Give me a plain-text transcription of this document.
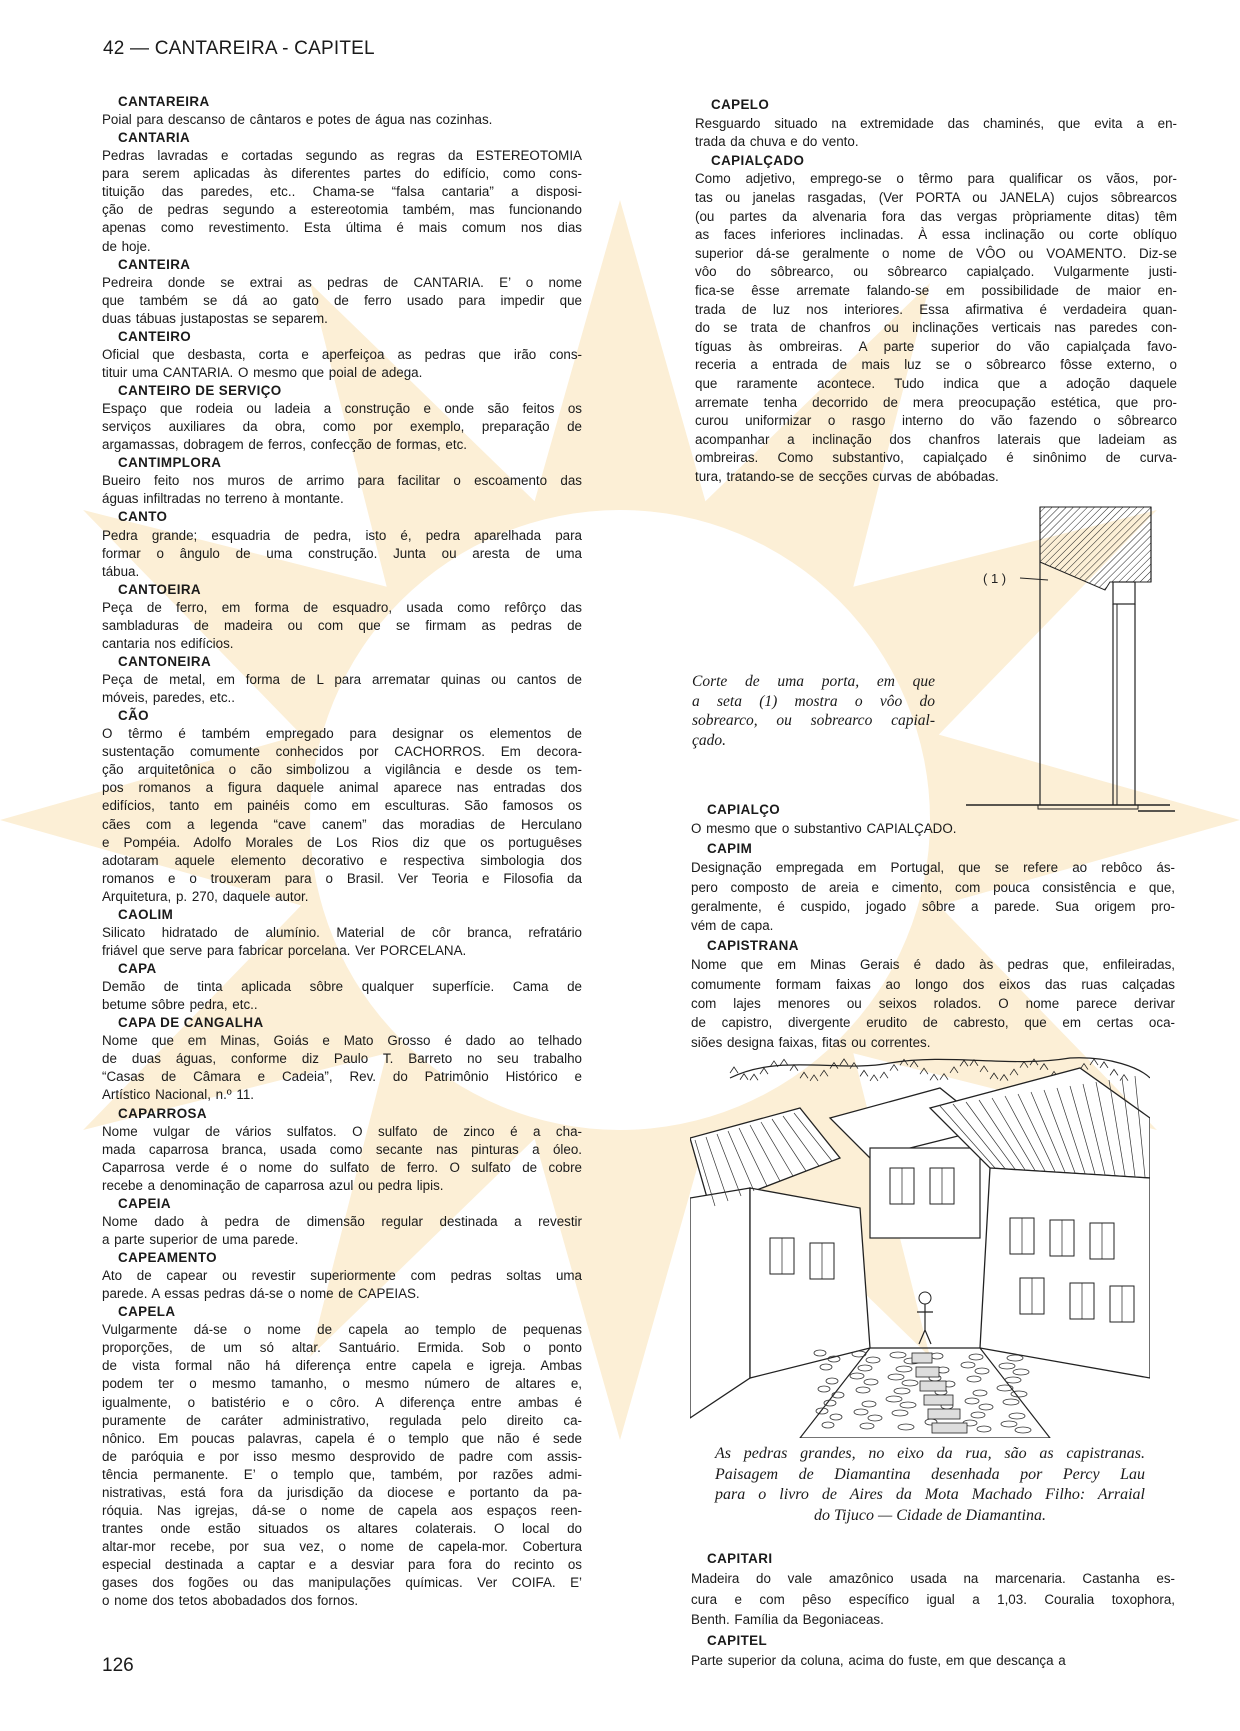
42 — CANTAREIRA - CAPITEL
CANTAREIRA
Poial para descanso de cântaros e potes de água nas cozinhas.
CANTARIA
Pedras lavradas e cortadas segundo as regras da ESTEREOTOMIA
para serem aplicadas às diferentes partes do edifício, como cons-
tituição das paredes, etc.. Chama-se “falsa cantaria” a disposi-
ção de pedras segundo a estereotomia também, mas funcionando
apenas como revestimento. Esta última é mais comum nos dias
de hoje.
CANTEIRA
Pedreira donde se extrai as pedras de CANTARIA. E’ o nome
que também se dá ao gato de ferro usado para impedir que
duas tábuas justapostas se separem.
CANTEIRO
Oficial que desbasta, corta e aperfeiçoa as pedras que irão cons-
tituir uma CANTARIA. O mesmo que poial de adega.
CANTEIRO DE SERVIÇO
Espaço que rodeia ou ladeia a construção e onde são feitos os
serviços auxiliares da obra, como por exemplo, preparação de
argamassas, dobragem de ferros, confecção de formas, etc.
CANTIMPLORA
Bueiro feito nos muros de arrimo para facilitar o escoamento das
águas infiltradas no terreno à montante.
CANTO
Pedra grande; esquadria de pedra, isto é, pedra aparelhada para
formar o ângulo de uma construção. Junta ou aresta de uma
tábua.
CANTOEIRA
Peça de ferro, em forma de esquadro, usada como refôrço das
sambladuras de madeira ou com que se firmam as pedras de
cantaria nos edifícios.
CANTONEIRA
Peça de metal, em forma de L para arrematar quinas ou cantos de
móveis, paredes, etc..
CÃO
O têrmo é também empregado para designar os elementos de
sustentação comumente conhecidos por CACHORROS. Em decora-
ção arquitetônica o cão simbolizou a vigilância e desde os tem-
pos romanos a figura daquele animal aparece nas entradas dos
edifícios, tanto em painéis como em esculturas. São famosos os
cães com a legenda “cave canem” das moradias de Herculano
e Pompéia. Adolfo Morales de Los Rios diz que os portuguêses
adotaram aquele elemento decorativo e respectiva simbologia dos
romanos e o trouxeram para o Brasil. Ver Teoria e Filosofia da
Arquitetura, p. 270, daquele autor.
CAOLIM
Silicato hidratado de alumínio. Material de côr branca, refratário
friável que serve para fabricar porcelana. Ver PORCELANA.
CAPA
Demão de tinta aplicada sôbre qualquer superfície. Cama de
betume sôbre pedra, etc..
CAPA DE CANGALHA
Nome que em Minas, Goiás e Mato Grosso é dado ao telhado
de duas águas, conforme diz Paulo T. Barreto no seu trabalho
“Casas de Câmara e Cadeia”, Rev. do Patrimônio Histórico e
Artístico Nacional, n.º 11.
CAPARROSA
Nome vulgar de vários sulfatos. O sulfato de zinco é a cha-
mada caparrosa branca, usada como secante nas pinturas a óleo.
Caparrosa verde é o nome do sulfato de ferro. O sulfato de cobre
recebe a denominação de caparrosa azul ou pedra lipis.
CAPEIA
Nome dado à pedra de dimensão regular destinada a revestir
a parte superior de uma parede.
CAPEAMENTO
Ato de capear ou revestir superiormente com pedras soltas uma
parede. A essas pedras dá-se o nome de CAPEIAS.
CAPELA
Vulgarmente dá-se o nome de capela ao templo de pequenas
proporções, de um só altar. Santuário. Ermida. Sob o ponto
de vista formal não há diferença entre capela e igreja. Ambas
podem ter o mesmo tamanho, o mesmo número de altares e,
igualmente, o batistério e o côro. A diferença entre ambas é
puramente de caráter administrativo, regulada pelo direito ca-
nônico. Em poucas palavras, capela é o templo que não é sede
de paróquia e por isso mesmo desprovido de padre com assis-
tência permanente. E’ o templo que, também, por razões admi-
nistrativas, está fora da jurisdição da diocese e portanto da pa-
róquia. Nas igrejas, dá-se o nome de capela aos espaços reen-
trantes onde estão situados os altares colaterais. O local do
altar-mor recebe, por sua vez, o nome de capela-mor. Cobertura
especial destinada a captar e a desviar para fora do recinto os
gases dos fogões ou das manipulações químicas. Ver COIFA. E’
o nome dos tetos abobadados dos fornos.
CAPELO
Resguardo situado na extremidade das chaminés, que evita a en-
trada da chuva e do vento.
CAPIALÇADO
Como adjetivo, emprego-se o têrmo para qualificar os vãos, por-
tas ou janelas rasgadas, (Ver PORTA ou JANELA) cujos sôbrearcos
(ou partes da alvenaria fora das vergas pròpriamente ditas) têm
as faces inferiores inclinadas. À essa inclinação ou corte oblíquo
superior dá-se geralmente o nome de VÔO ou VOAMENTO. Diz-se
vôo do sôbrearco, ou sôbrearco capialçado. Vulgarmente justi-
fica-se êsse arremate falando-se em possibilidade de maior en-
trada de luz nos interiores. Essa afirmativa é verdadeira quan-
do se trata de chanfros ou inclinações verticais nas paredes con-
tíguas às ombreiras. A parte superior do vão capialçada favo-
receria a entrada de mais luz se o sôbrearco fôsse externo, o
que raramente acontece. Tudo indica que a adoção daquele
arremate tenha decorrido de mera preocupação estética, que pro-
curou uniformizar o rasgo interno do vão fazendo o sôbrearco
acompanhar a inclinação dos chanfros laterais que ladeiam as
ombreiras. Como substantivo, capialçado é sinônimo de curva-
tura, tratando-se de secções curvas de abóbadas.
CAPIALÇO
O mesmo que o substantivo CAPIALÇADO.
CAPIM
Designação empregada em Portugal, que se refere ao rebôco ás-
pero composto de areia e cimento, com pouca consistência e que,
geralmente, é cuspido, jogado sôbre a parede. Sua origem pro-
vém de capa.
CAPISTRANA
Nome que em Minas Gerais é dado às pedras que, enfileiradas,
comumente formam faixas ao longo dos eixos das ruas calçadas
com lajes menores ou seixos rolados. O nome parece derivar
de capistro, divergente erudito de cabresto, que em certas oca-
siões designa faixas, fitas ou correntes.
CAPITARI
Madeira do vale amazônico usada na marcenaria. Castanha es-
cura e com pêso específico igual a 1,03. Couralia toxophora,
Benth. Família da Begoniaceas.
CAPITEL
Parte superior da coluna, acima do fuste, em que descança a
( 1 )
Corte de uma porta, em que
a seta (1) mostra o vôo do
sobrearco, ou sobrearco capial-
çado.
As pedras grandes, no eixo da rua, são as capistranas.
Paisagem de Diamantina desenhada por Percy Lau
para o livro de Aires da Mota Machado Filho: Arraial
do Tijuco — Cidade de Diamantina.
126
